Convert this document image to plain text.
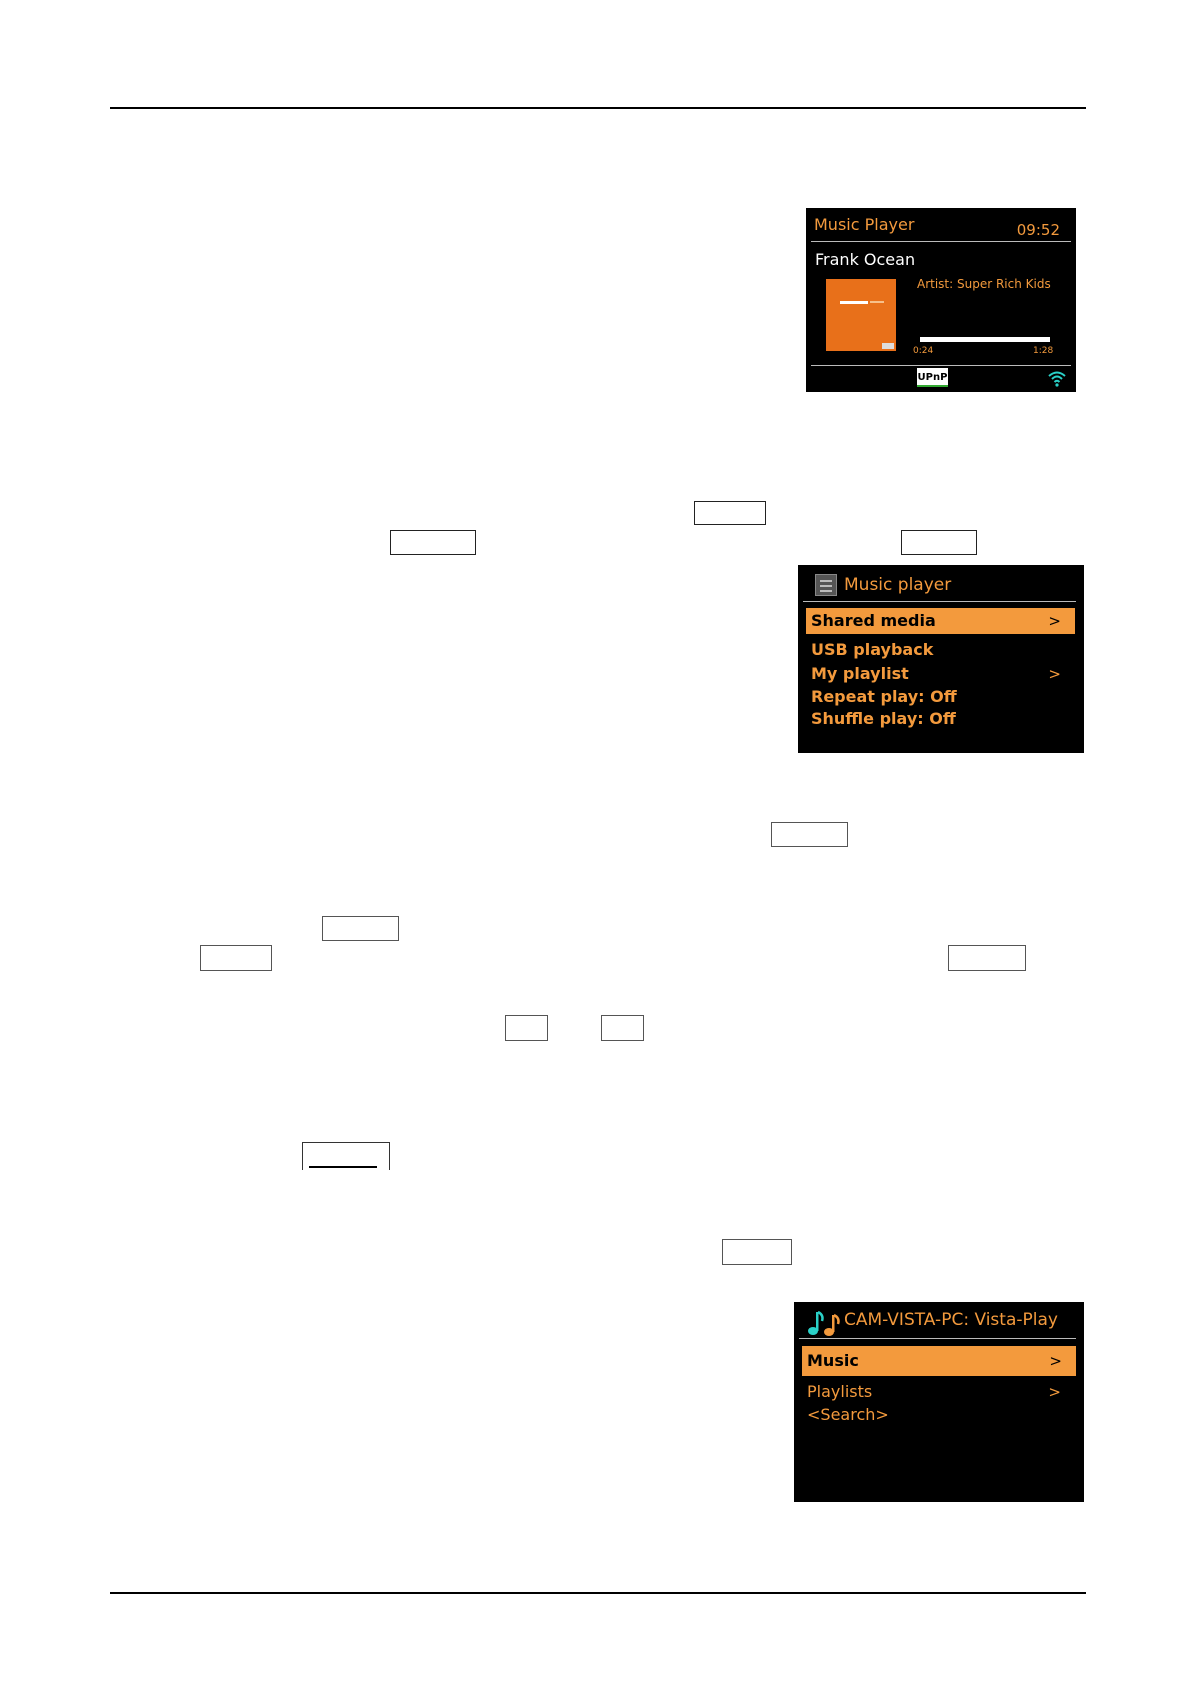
Music Player	09:52
Frank Ocean
Artist: Super Rich Kids
0:24	1:28
UPnP
Music player
Shared media	>
USB playback
My playlist	>
Repeat play: Off
Shuffle play: Off
CAM-VISTA-PC: Vista-Play
Music	>
Playlists	>
<Search>
